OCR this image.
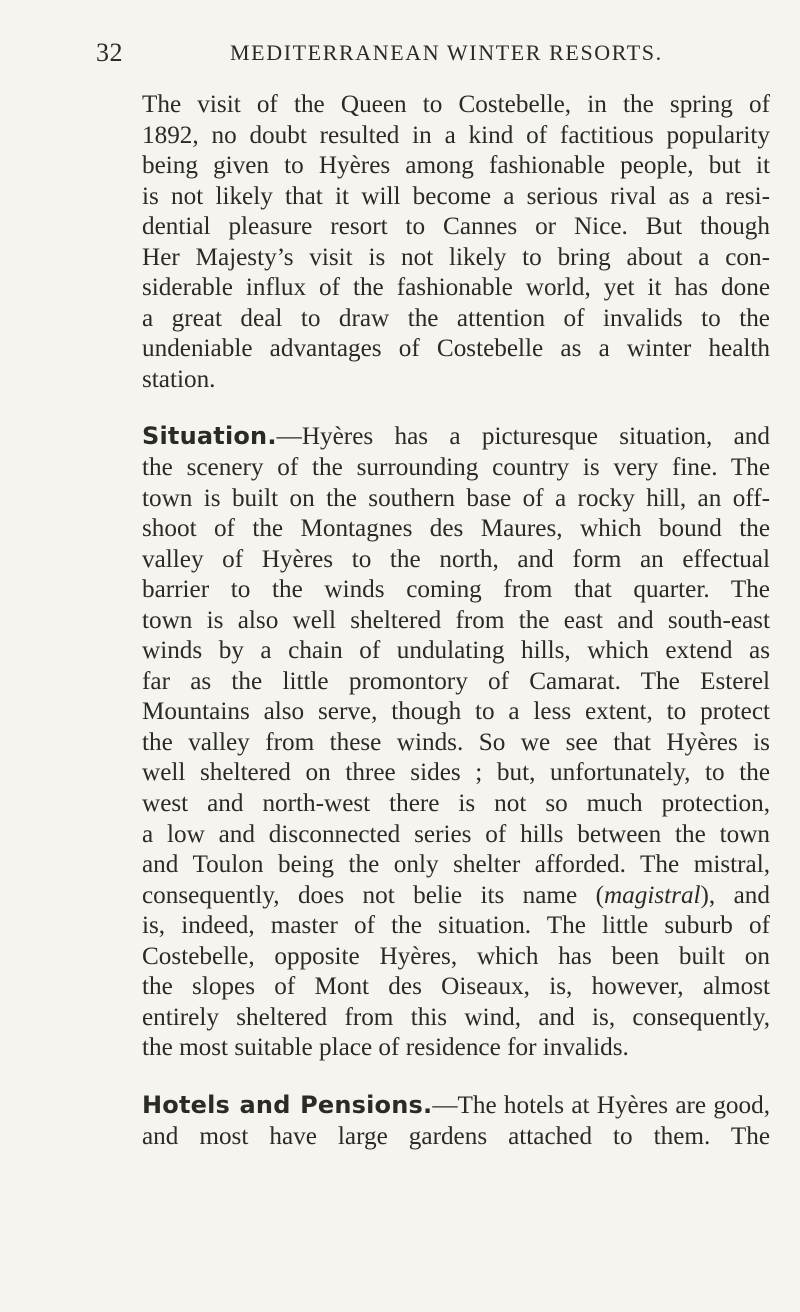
32	MEDITERRANEAN WINTER RESORTS.

The visit of the Queen to Costebelle, in the spring of
1892, no doubt resulted in a kind of factitious popularity
being given to Hyères among fashionable people, but it
is not likely that it will become a serious rival as a resi-
dential pleasure resort to Cannes or Nice. But though
Her Majesty’s visit is not likely to bring about a con-
siderable influx of the fashionable world, yet it has done
a great deal to draw the attention of invalids to the
undeniable advantages of Costebelle as a winter health
station.

Situation.—Hyères has a picturesque situation, and
the scenery of the surrounding country is very fine. The
town is built on the southern base of a rocky hill, an off-
shoot of the Montagnes des Maures, which bound the
valley of Hyères to the north, and form an effectual
barrier to the winds coming from that quarter. The
town is also well sheltered from the east and south-east
winds by a chain of undulating hills, which extend as
far as the little promontory of Camarat. The Esterel
Mountains also serve, though to a less extent, to protect
the valley from these winds. So we see that Hyères is
well sheltered on three sides ; but, unfortunately, to the
west and north-west there is not so much protection,
a low and disconnected series of hills between the town
and Toulon being the only shelter afforded. The mistral,
consequently, does not belie its name (magistral), and
is, indeed, master of the situation. The little suburb of
Costebelle, opposite Hyères, which has been built on
the slopes of Mont des Oiseaux, is, however, almost
entirely sheltered from this wind, and is, consequently,
the most suitable place of residence for invalids.

Hotels and Pensions.—The hotels at Hyères are good,
and most have large gardens attached to them. The
